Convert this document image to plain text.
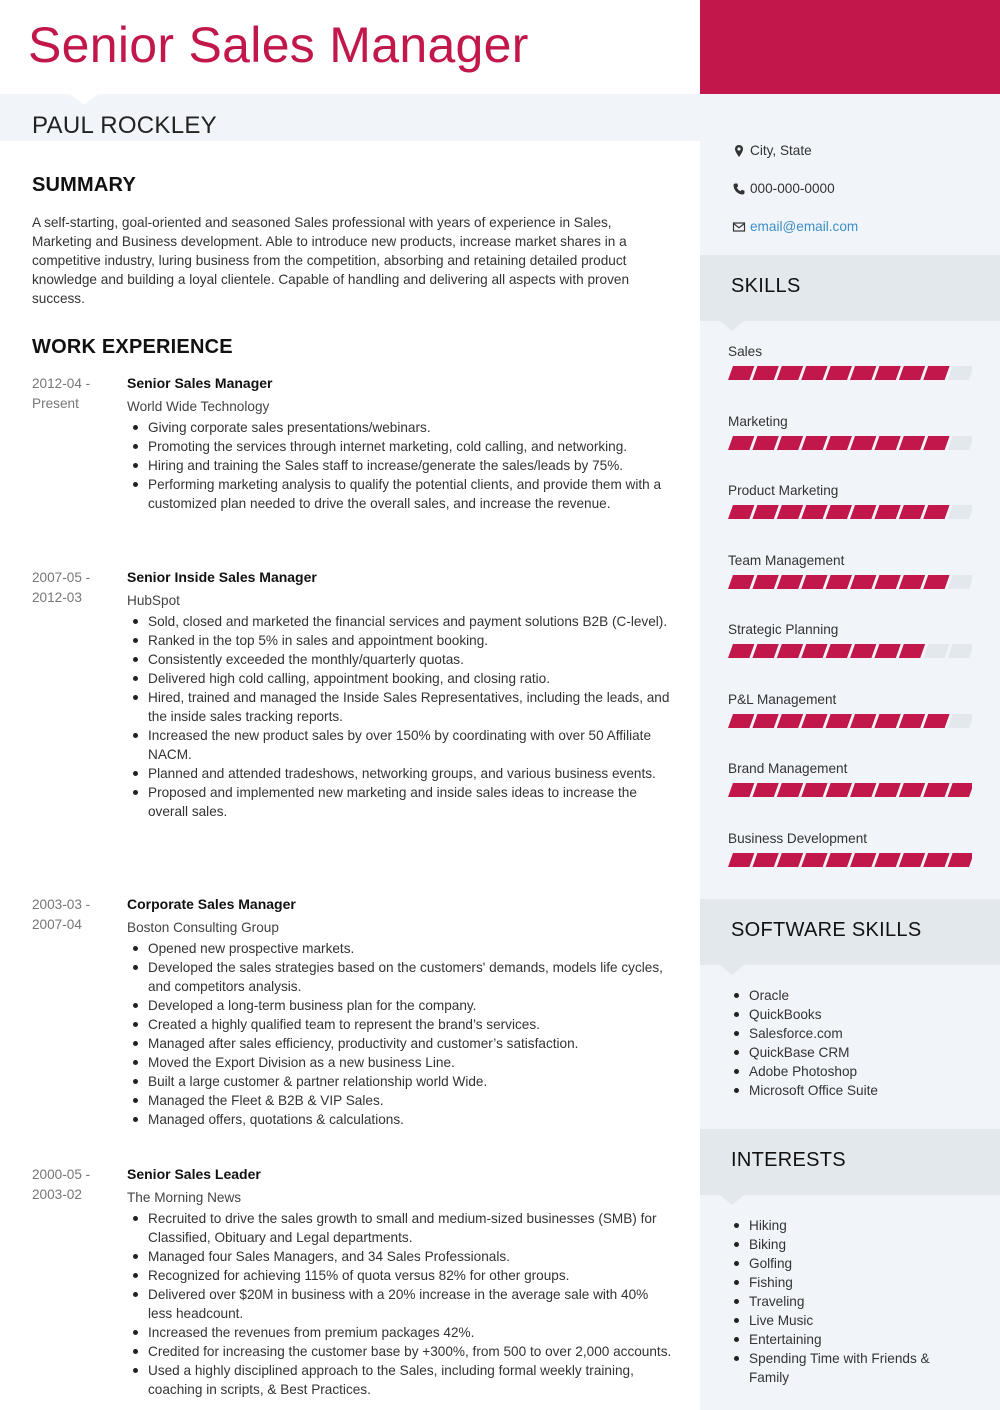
Senior Sales Manager
PAUL ROCKLEY
SUMMARY

A self-starting, goal-oriented and seasoned Sales professional with years of experience in Sales, Marketing and Business development. Able to introduce new products, increase market shares in a competitive industry, luring business from the competition, absorbing and retaining detailed product knowledge and building a loyal clientele. Capable of handling and delivering all aspects with proven success.

WORK EXPERIENCE
2012-04 - Present
Senior Sales Manager
World Wide Technology
Giving corporate sales presentations/webinars.
Promoting the services through internet marketing, cold calling, and networking.
Hiring and training the Sales staff to increase/generate the sales/leads by 75%.
Performing marketing analysis to qualify the potential clients, and provide them with a customized plan needed to drive the overall sales, and increase the revenue.
2007-05 - 2012-03
Senior Inside Sales Manager
HubSpot
Sold, closed and marketed the financial services and payment solutions B2B (C-level).
Ranked in the top 5% in sales and appointment booking.
Consistently exceeded the monthly/quarterly quotas.
Delivered high cold calling, appointment booking, and closing ratio.
Hired, trained and managed the Inside Sales Representatives, including the leads, and the inside sales tracking reports.
Increased the new product sales by over 150% by coordinating with over 50 Affiliate NACM.
Planned and attended tradeshows, networking groups, and various business events.
Proposed and implemented new marketing and inside sales ideas to increase the overall sales.
2003-03 - 2007-04
Corporate Sales Manager
Boston Consulting Group
Opened new prospective markets.
Developed the sales strategies based on the customers' demands, models life cycles, and competitors analysis.
Developed a long-term business plan for the company.
Created a highly qualified team to represent the brand’s services.
Managed after sales efficiency, productivity and customer’s satisfaction.
Moved the Export Division as a new business Line.
Built a large customer & partner relationship world Wide.
Managed the Fleet & B2B & VIP Sales.
Managed offers, quotations & calculations.
2000-05 - 2003-02
Senior Sales Leader
The Morning News
Recruited to drive the sales growth to small and medium-sized businesses (SMB) for Classified, Obituary and Legal departments.
Managed four Sales Managers, and 34 Sales Professionals.
Recognized for achieving 115% of quota versus 82% for other groups.
Delivered over $20M in business with a 20% increase in the average sale with 40% less headcount.
Increased the revenues from premium packages 42%.
Credited for increasing the customer base by +300%, from 500 to over 2,000 accounts.
Used a highly disciplined approach to the Sales, including formal weekly training, coaching in scripts, & Best Practices.
City, State
000-000-0000
email@email.com
SKILLS
Sales
Marketing
Product Marketing
Team Management
Strategic Planning
P&L Management
Brand Management
Business Development
SOFTWARE SKILLS
Oracle
QuickBooks
Salesforce.com
QuickBase CRM
Adobe Photoshop
Microsoft Office Suite
INTERESTS
Hiking
Biking
Golfing
Fishing
Traveling
Live Music
Entertaining
Spending Time with Friends & Family
